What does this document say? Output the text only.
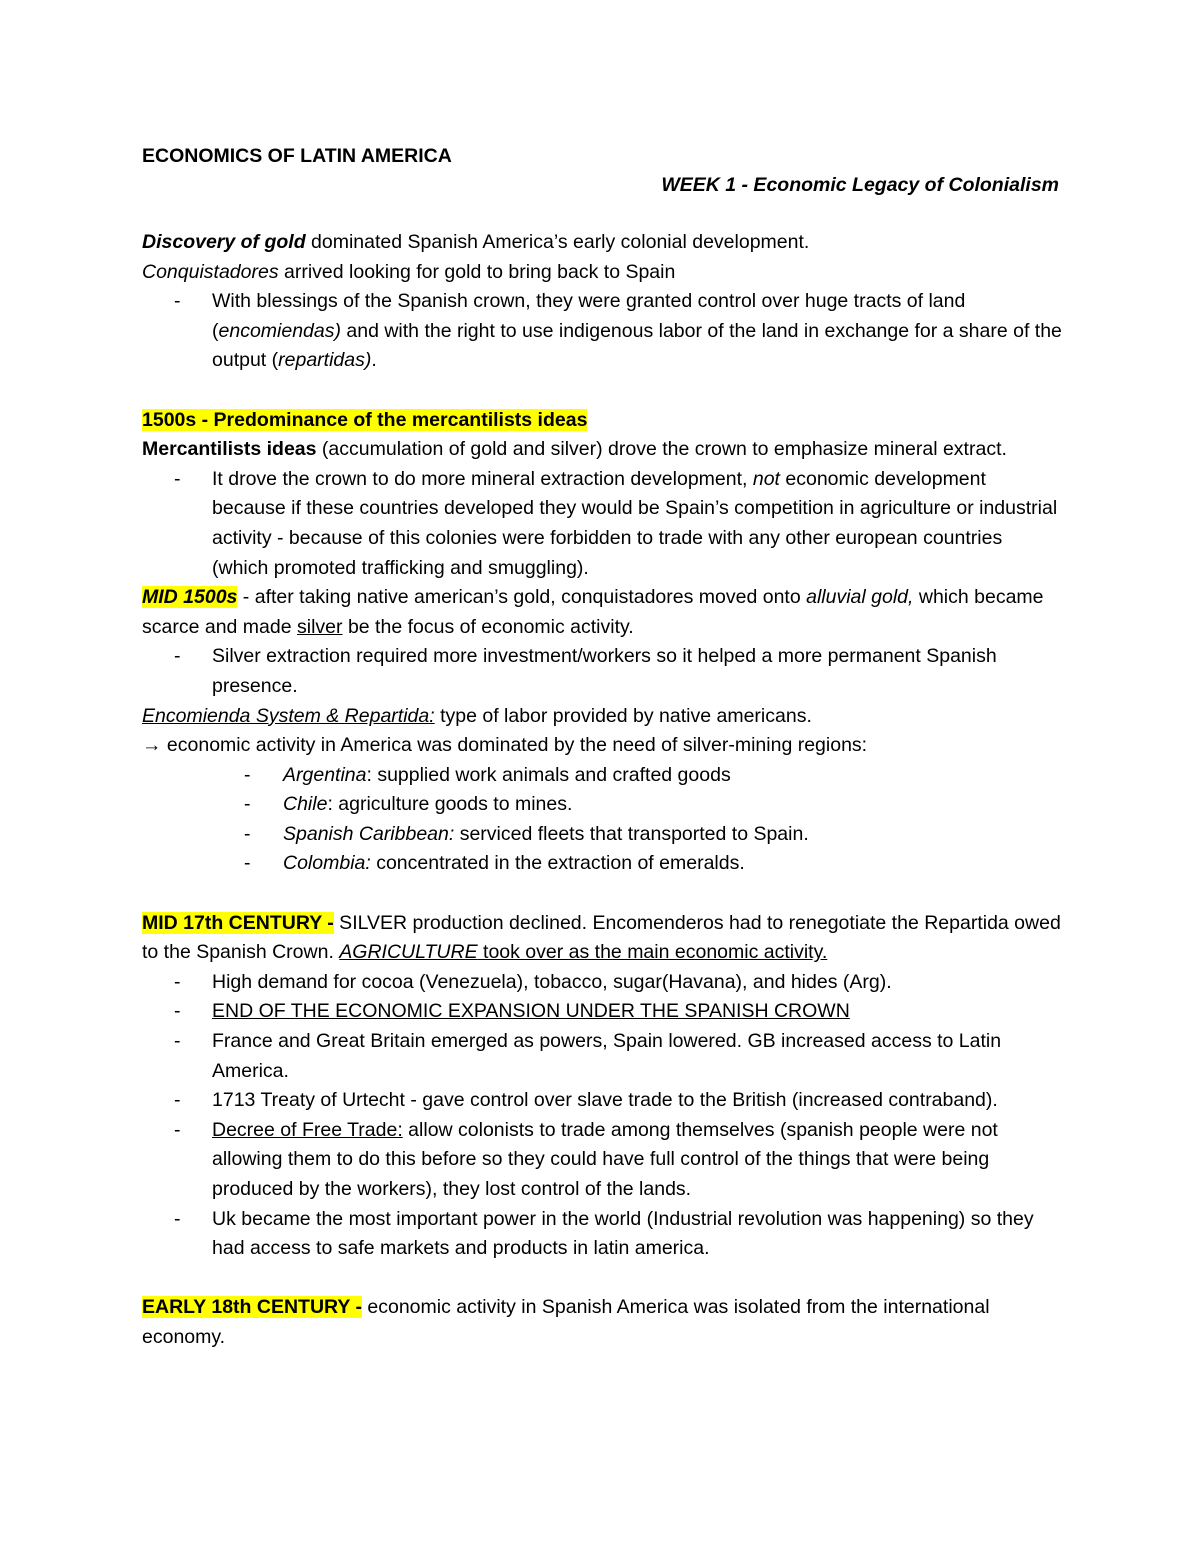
ECONOMICS OF LATIN AMERICA
WEEK 1 - Economic Legacy of Colonialism

Discovery of gold dominated Spanish America’s early colonial development.

Conquistadores arrived looking for gold to bring back to Spain

- With blessings of the Spanish crown, they were granted control over huge tracts of land (encomiendas) and with the right to use indigenous labor of the land in exchange for a share of the output (repartidas).

1500s - Predominance of the mercantilists ideas

Mercantilists ideas (accumulation of gold and silver) drove the crown to emphasize mineral extract.

- It drove the crown to do more mineral extraction development, not economic development because if these countries developed they would be Spain’s competition in agriculture or industrial activity - because of this colonies were forbidden to trade with any other european countries (which promoted trafficking and smuggling).

MID 1500s - after taking native american’s gold, conquistadores moved onto alluvial gold, which became scarce and made silver be the focus of economic activity.

- Silver extraction required more investment/workers so it helped a more permanent Spanish presence.

Encomienda System & Repartida: type of labor provided by native americans.

→ economic activity in America was dominated by the need of silver-mining regions:

- Argentina: supplied work animals and crafted goods
- Chile: agriculture goods to mines.
- Spanish Caribbean: serviced fleets that transported to Spain.
- Colombia: concentrated in the extraction of emeralds.

MID 17th CENTURY - SILVER production declined. Encomenderos had to renegotiate the Repartida owed to the Spanish Crown. AGRICULTURE took over as the main economic activity.

- High demand for cocoa (Venezuela), tobacco, sugar(Havana), and hides (Arg).
- END OF THE ECONOMIC EXPANSION UNDER THE SPANISH CROWN
- France and Great Britain emerged as powers, Spain lowered. GB increased access to Latin America.
- 1713 Treaty of Urtecht - gave control over slave trade to the British (increased contraband).
- Decree of Free Trade: allow colonists to trade among themselves (spanish people were not allowing them to do this before so they could have full control of the things that were being produced by the workers), they lost control of the lands.
- Uk became the most important power in the world (Industrial revolution was happening) so they had access to safe markets and products in latin america.

EARLY 18th CENTURY - economic activity in Spanish America was isolated from the international economy.
